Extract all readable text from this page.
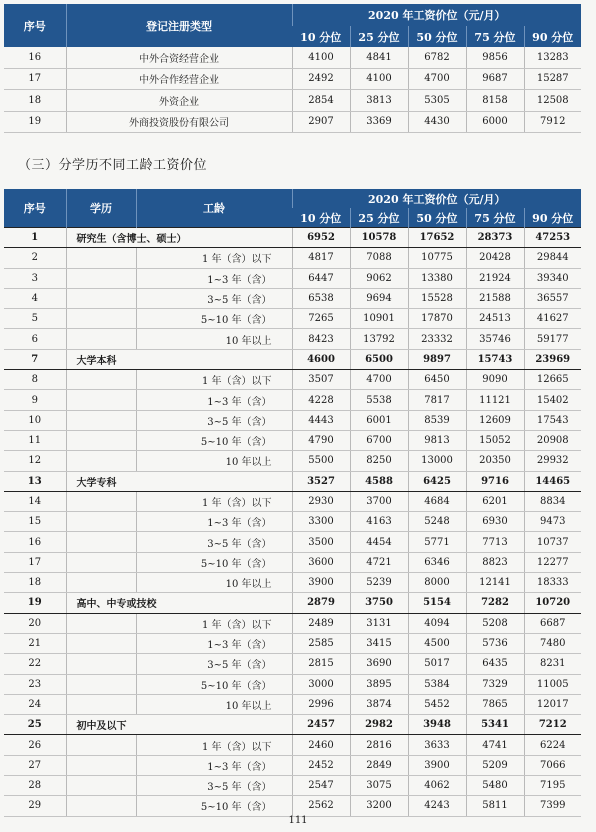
序号	登记注册类型	2020 年工资价位（元/月）				
		10 分位	25 分位	50 分位	75 分位	90 分位
16	中外合资经营企业	4100	4841	6782	9856	13283
17	中外合作经营企业	2492	4100	4700	9687	15287
18	外资企业	2854	3813	5305	8158	12508
19	外商投资股份有限公司	2907	3369	4430	6000	7912
（三）分学历不同工龄工资价位
序号	学历	工龄	2020 年工资价位（元/月）				
			10 分位	25 分位	50 分位	75 分位	90 分位
1	研究生（含博士、硕士）		6952	10578	17652	28373	47253
2		1 年（含）以下	4817	7088	10775	20428	29844
3		1~3 年（含）	6447	9062	13380	21924	39340
4		3~5 年（含）	6538	9694	15528	21588	36557
5		5~10 年（含）	7265	10901	17870	24513	41627
6		10 年以上	8423	13792	23332	35746	59177
7	大学本科		4600	6500	9897	15743	23969
8		1 年（含）以下	3507	4700	6450	9090	12665
9		1~3 年（含）	4228	5538	7817	11121	15402
10		3~5 年（含）	4443	6001	8539	12609	17543
11		5~10 年（含）	4790	6700	9813	15052	20908
12		10 年以上	5500	8250	13000	20350	29932
13	大学专科		3527	4588	6425	9716	14465
14		1 年（含）以下	2930	3700	4684	6201	8834
15		1~3 年（含）	3300	4163	5248	6930	9473
16		3~5 年（含）	3500	4454	5771	7713	10737
17		5~10 年（含）	3600	4721	6346	8823	12277
18		10 年以上	3900	5239	8000	12141	18333
19	高中、中专或技校		2879	3750	5154	7282	10720
20		1 年（含）以下	2489	3131	4094	5208	6687
21		1~3 年（含）	2585	3415	4500	5736	7480
22		3~5 年（含）	2815	3690	5017	6435	8231
23		5~10 年（含）	3000	3895	5384	7329	11005
24		10 年以上	2996	3874	5452	7865	12017
25	初中及以下		2457	2982	3948	5341	7212
26		1 年（含）以下	2460	2816	3633	4741	6224
27		1~3 年（含）	2452	2849	3900	5209	7066
28		3~5 年（含）	2547	3075	4062	5480	7195
29		5~10 年（含）	2562	3200	4243	5811	7399
111
